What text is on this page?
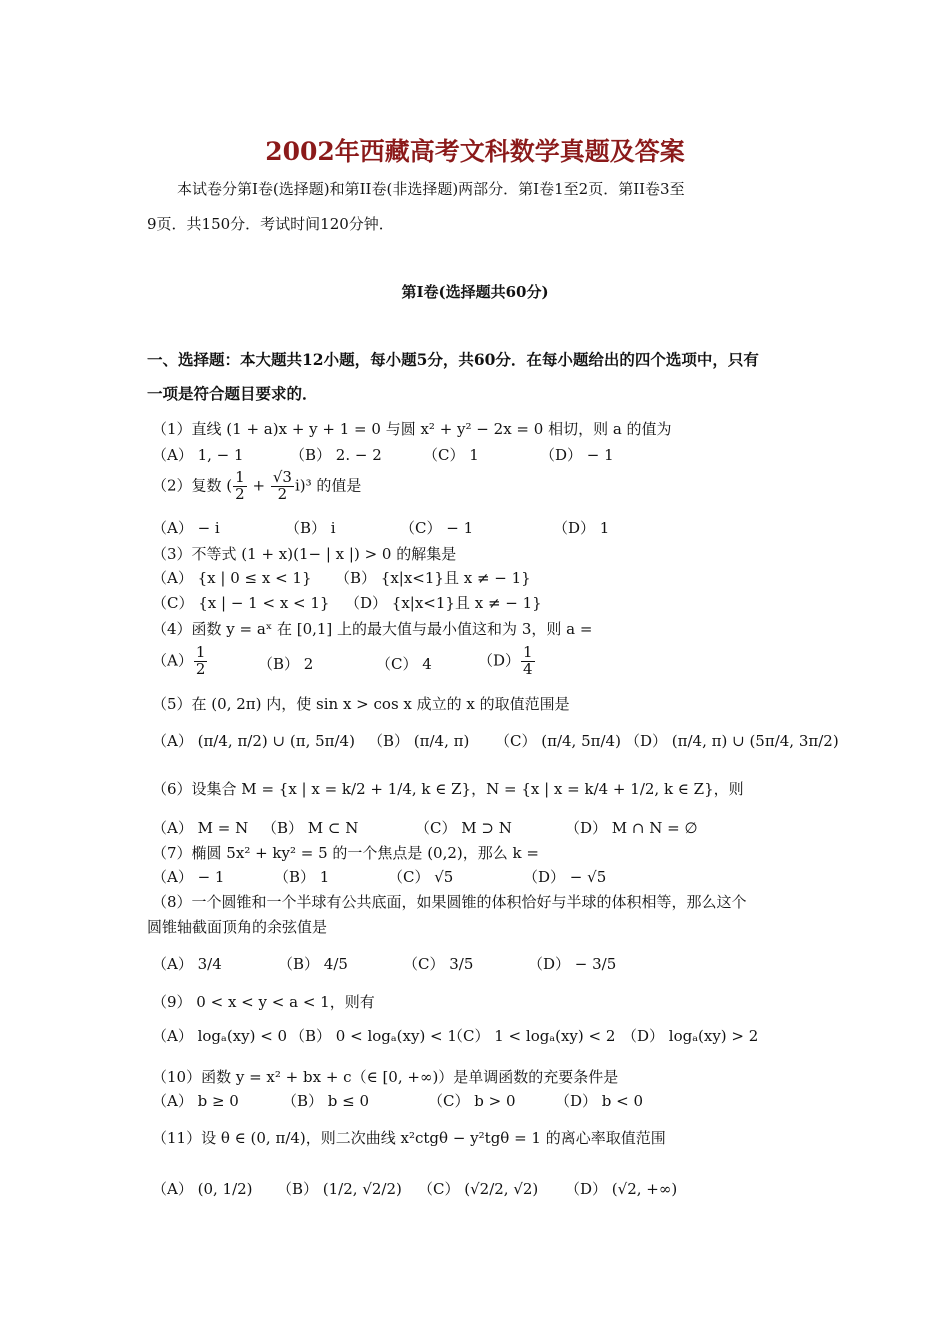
2002年西藏高考文科数学真题及答案
本试卷分第Ⅰ卷(选择题)和第II卷(非选择题)两部分．第Ⅰ卷1至2页．第II卷3至
9页．共150分．考试时间120分钟．
第Ⅰ卷(选择题共60分)
一、选择题：本大题共12小题，每小题5分，共60分．在每小题给出的四个选项中，只有
一项是符合题目要求的．
（1）直线 (1 + a)x + y + 1 = 0 与圆 x² + y² − 2x = 0 相切，则 a 的值为
（A） 1, − 1	（B） 2. − 2	（C） 1	（D） − 1
（2）复数 ( $\frac{1}{2} + \frac{√3}{2} i)^3$ 的值是
（A） − i	（B） i	（C） − 1	（D） 1
（3）不等式 (1 + x)(1− | x |) > 0 的解集是
（A） {x | 0 ≤ x < 1} （B） {x|x<1}且 x ≠ − 1}
（C） {x | − 1 < x < 1} （D） {x|x<1}且 x ≠ − 1}
（4）函数 y = aˣ 在 [0,1] 上的最大值与最小值这和为 3，则 a =
$(A) \frac{1}{2}$	（B） 2	（C） 4	$(D) \frac{1}{4}$
（5）在 (0, 2π) 内，使 sin x > cos x 成立的 x 的取值范围是
（A） (π/4, π/2) ∪ (π, 5π/4) （B） (π/4, π) （C） (π/4, 5π/4) （D） (π/4, π) ∪ (5π/4, 3π/2)
（6）设集合 M = {x | x = k/2 + 1/4, k ∈ Z}，N = {x | x = k/4 + 1/2, k ∈ Z}，则
（A） M = N （B） M ⊂ N	（C） M ⊃ N	（D） M ∩ N = ∅
（7）椭圆 5x² + ky² = 5 的一个焦点是 (0,2)，那么 k =
（A） − 1	（B） 1	（C） √5	（D） − √5
（8）一个圆锥和一个半球有公共底面，如果圆锥的体积恰好与半球的体积相等，那么这个
圆锥轴截面顶角的余弦值是
（A） 3/4	（B） 4/5	（C） 3/5	（D） − 3/5
（9） 0 < x < y < a < 1，则有
（A） logₐ(xy) < 0 （B） 0 < logₐ(xy) < 1
（C） 1 < logₐ(xy) < 2 （D） logₐ(xy) > 2
（10）函数 y = x² + bx + c（∈ [0, +∞)）是单调函数的充要条件是
（A） b ≥ 0	（B） b ≤ 0	（C） b > 0	（D） b < 0
（11）设 θ ∈ (0, π/4)，则二次曲线 x²ctgθ − y²tgθ = 1 的离心率取值范围
（A） (0, 1/2) （B） (1/2, √2/2) （C） (√2/2, √2) （D） (√2, +∞)
